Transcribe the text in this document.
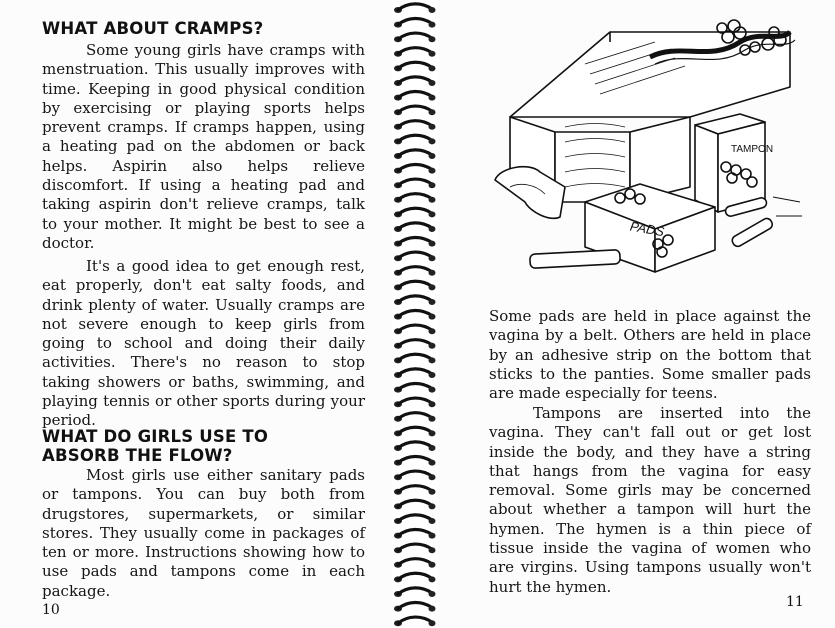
WHAT ABOUT CRAMPS?

Some young girls have cramps with menstruation. This usually improves with time. Keeping in good physical condition by exercising or playing sports helps prevent cramps. If cramps happen, using a heating pad on the abdomen or back helps. Aspirin also helps relieve discomfort. If using a heating pad and taking aspirin don't relieve cramps, talk to your mother. It might be best to see a doctor.

It's a good idea to get enough rest, eat properly, don't eat salty foods, and drink plenty of water. Usually cramps are not severe enough to keep girls from going to school and doing their daily activities. There's no reason to stop taking showers or baths, swimming, and playing tennis or other sports during your period.

WHAT DO GIRLS USE TO ABSORB THE FLOW?

Most girls use either sanitary pads or tampons. You can buy both from drugstores, supermarkets, or similar stores. They usually come in packages of ten or more. Instructions showing how to use pads and tampons come in each package.

10

Some pads are held in place against the vagina by a belt. Others are held in place by an adhesive strip on the bottom that sticks to the panties. Some smaller pads are made especially for teens.

Tampons are inserted into the vagina. They can't fall out or get lost inside the body, and they have a string that hangs from the vagina for easy removal. Some girls may be concerned about whether a tampon will hurt the hymen. The hymen is a thin piece of tissue inside the vagina of women who are virgins. Using tampons usually won't hurt the hymen.

11
TAMPON
PADS
